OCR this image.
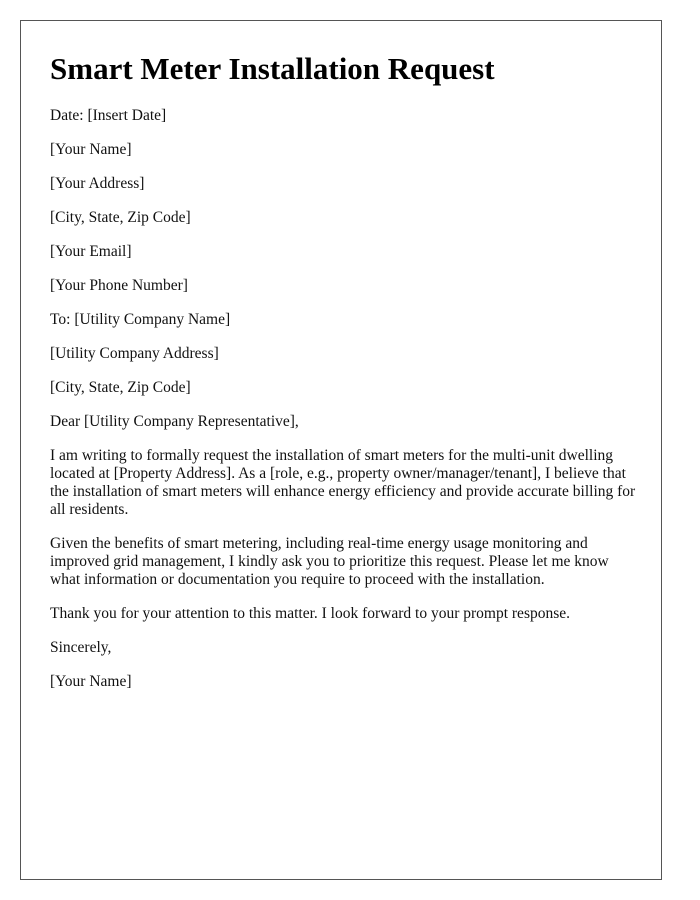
Smart Meter Installation Request

Date: [Insert Date]

[Your Name]

[Your Address]

[City, State, Zip Code]

[Your Email]

[Your Phone Number]

To: [Utility Company Name]

[Utility Company Address]

[City, State, Zip Code]

Dear [Utility Company Representative],

I am writing to formally request the installation of smart meters for the multi-unit dwelling located at [Property Address]. As a [role, e.g., property owner/manager/tenant], I believe that the installation of smart meters will enhance energy efficiency and provide accurate billing for all residents.

Given the benefits of smart metering, including real-time energy usage monitoring and improved grid management, I kindly ask you to prioritize this request. Please let me know what information or documentation you require to proceed with the installation.

Thank you for your attention to this matter. I look forward to your prompt response.

Sincerely,

[Your Name]
